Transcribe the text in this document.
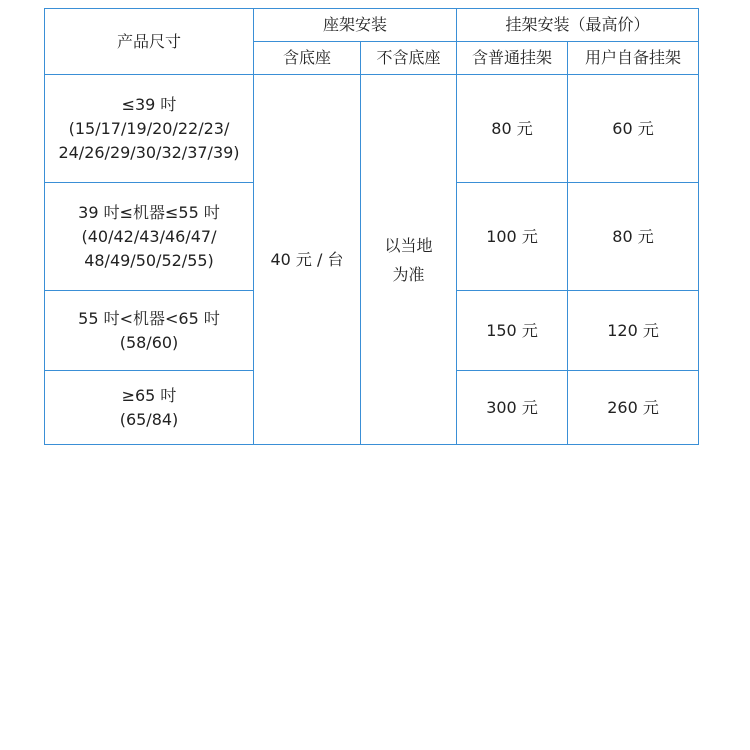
产品尺寸	座架安装		挂架安装（最高价）	
	含底座	不含底座	含普通挂架	用户自备挂架

≤39 吋
(15/17/19/20/22/23/ 24/26/29/30/32/37/39)	40 元 / 台	以当地为准	80 元	60 元

39 吋≤机器≤55 吋
(40/42/43/46/47/ 48/49/50/52/55)			100 元	80 元

55 吋<机器<65 吋
(58/60)			150 元	120 元

≥65 吋
(65/84)			300 元	260 元
